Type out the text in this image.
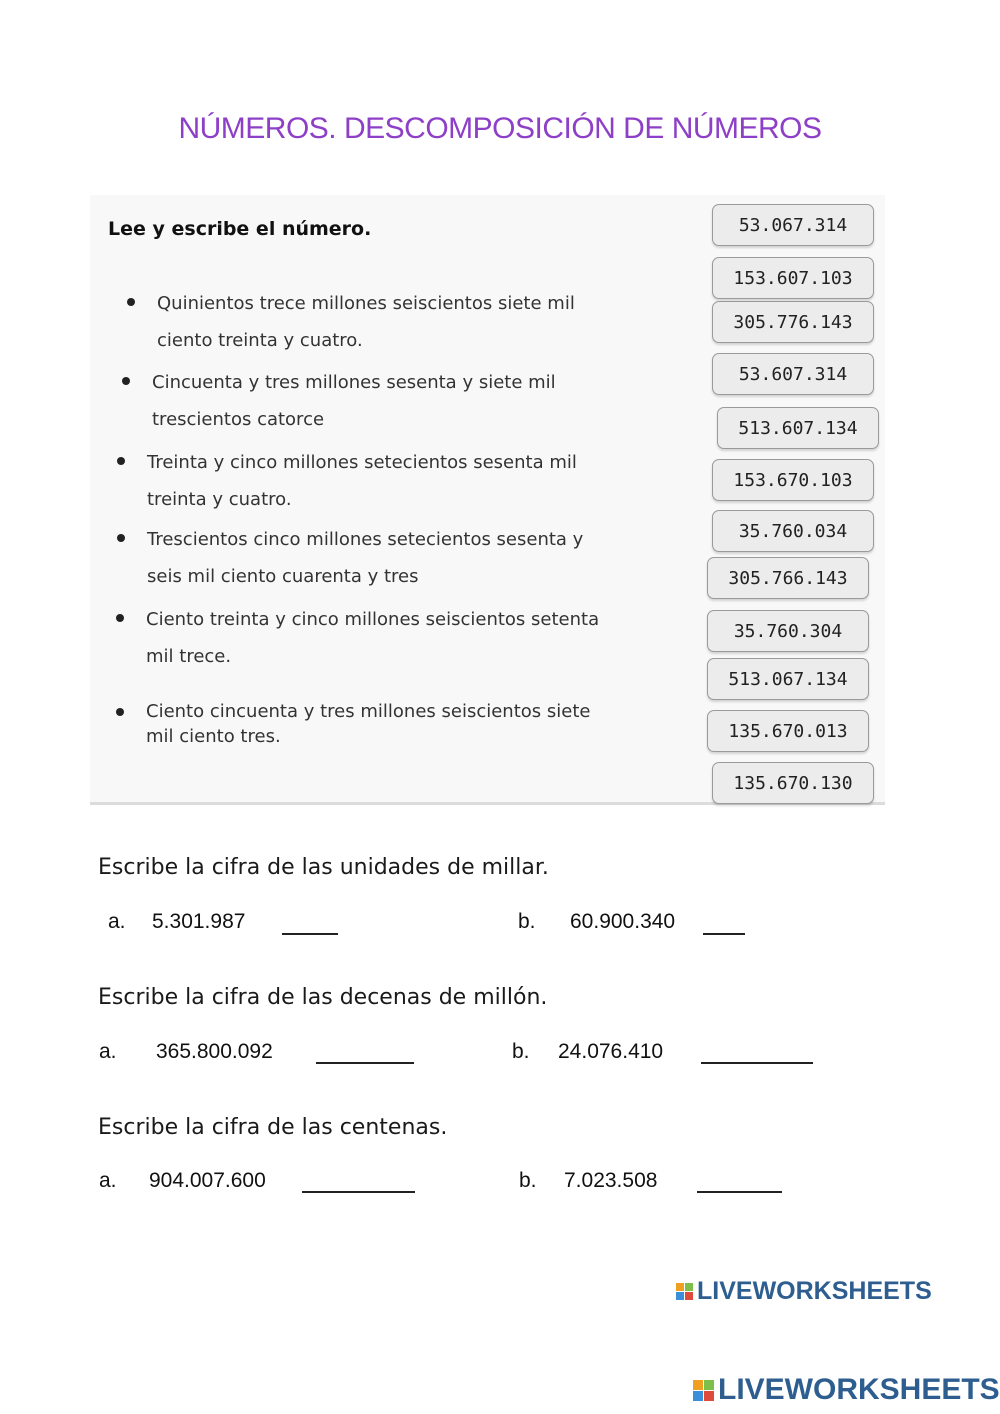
NÚMEROS. DESCOMPOSICIÓN DE NÚMEROS
Lee y escribe el número.
Quinientos trece millones seiscientos siete mil
ciento treinta y cuatro.
Cincuenta y tres millones sesenta y siete mil
trescientos catorce
Treinta y cinco millones setecientos sesenta mil
treinta y cuatro.
Trescientos cinco millones setecientos sesenta y
seis mil ciento cuarenta y tres
Ciento treinta y cinco millones seiscientos setenta
mil trece.
Ciento cincuenta y tres millones seiscientos siete
mil ciento tres.
53.067.314
153.607.103
305.776.143
53.607.314
513.607.134
153.670.103
35.760.034
305.766.143
35.760.304
513.067.134
135.670.013
135.670.130
Escribe la cifra de las unidades de millar.
a. 5.301.987	b. 60.900.340
Escribe la cifra de las decenas de millón.
a. 365.800.092	b. 24.076.410
Escribe la cifra de las centenas.
a. 904.007.600	b. 7.023.508
LIVEWORKSHEETS
LIVEWORKSHEETS
